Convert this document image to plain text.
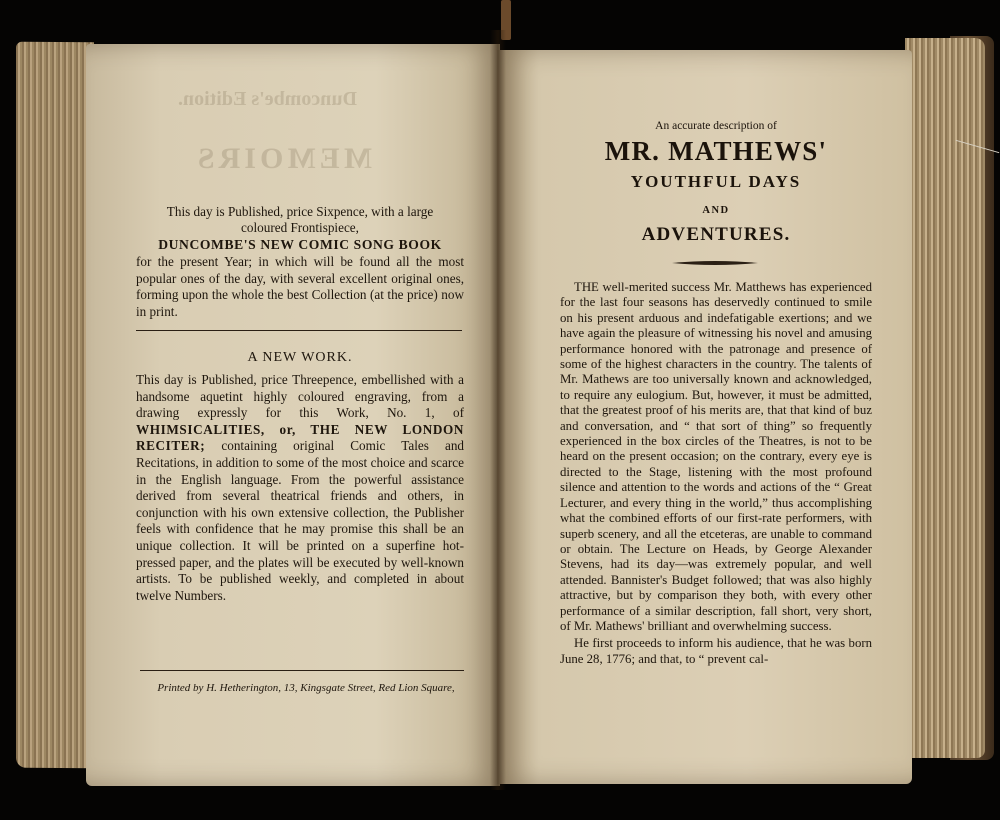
Duncombe's Edition.
MEMOIRS
This day is Published, price Sixpence, with a large
coloured Frontispiece,
DUNCOMBE'S NEW COMIC SONG BOOK
for the present Year; in which will be found all the most popular ones of the day, with several excellent original ones, forming upon the whole the best Collection (at the price) now in print.
A NEW WORK.
This day is Published, price Threepence, embellished with a handsome aquetint highly coloured engraving, from a drawing expressly for this Work, No. 1, of WHIMSICALITIES, or, THE NEW LONDON RECITER; containing original Comic Tales and Recitations, in addition to some of the most choice and scarce in the English language. From the powerful assistance derived from several theatrical friends and others, in conjunction with his own extensive collection, the Publisher feels with confidence that he may promise this shall be an unique collection. It will be printed on a superfine hot-pressed paper, and the plates will be executed by well-known artists. To be published weekly, and completed in about twelve Numbers.
Printed by H. Hetherington, 13, Kingsgate Street, Red Lion Square,
An accurate description of
MR. MATHEWS'
YOUTHFUL DAYS
AND
ADVENTURES.

THE well-merited success Mr. Matthews has experienced for the last four seasons has deservedly continued to smile on his present arduous and indefatigable exertions; and we have again the pleasure of witnessing his novel and amusing performance honored with the patronage and presence of some of the highest characters in the country. The talents of Mr. Mathews are too universally known and acknowledged, to require any eulogium. But, however, it must be admitted, that the greatest proof of his merits are, that that kind of buz and conversation, and “ that sort of thing” so frequently experienced in the box circles of the Theatres, is not to be heard on the present occasion; on the contrary, every eye is directed to the Stage, listening with the most profound silence and attention to the words and actions of the “ Great Lecturer, and every thing in the world,” thus accomplishing what the combined efforts of our first-rate performers, with superb scenery, and all the etceteras, are unable to command or obtain. The Lecture on Heads, by George Alexander Stevens, had its day—was extremely popular, and well attended. Bannister's Budget followed; that was also highly attractive, but by comparison they both, with every other performance of a similar description, fall short, very short, of Mr. Mathews' brilliant and overwhelming success.

He first proceeds to inform his audience, that he was born June 28, 1776; and that, to “ prevent cal-
